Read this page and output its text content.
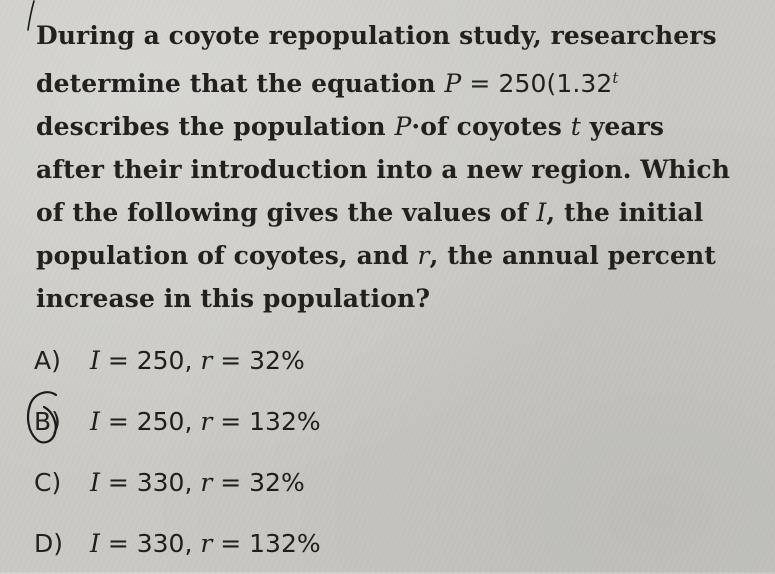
During a coyote repopulation study, researchers
determine that the equation $P = 250(1.32^t$
describes the population P·of coyotes t years
after their introduction into a new region. Which
of the following gives the values of I, the initial
population of coyotes, and r, the annual percent
increase in this population?
A)	I = 250, r = 32%
B)	I = 250, r = 132%
C)	I = 330, r = 32%
D)	I = 330, r = 132%
